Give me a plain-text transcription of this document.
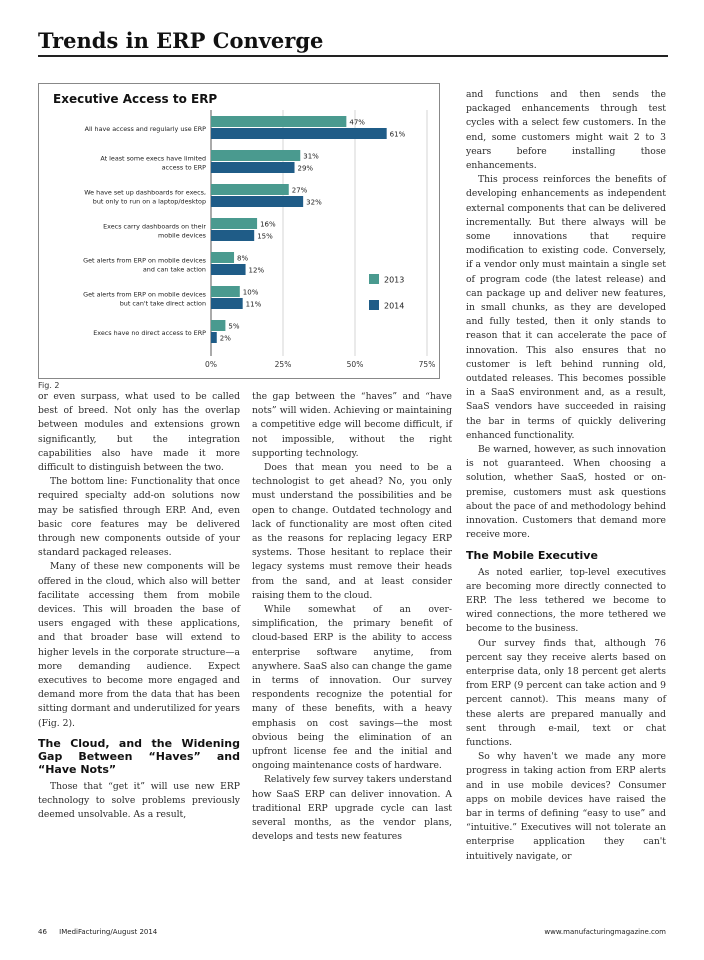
Trends in ERP Converge
Executive Access to ERP
0%	25%	50%	75%
All have access and regularly use ERP
47%
61%
At least some execs have limited
access to ERP
31%
29%
We have set up dashboards for execs,
but only to run on a laptop/desktop
27%
32%
Execs carry dashboards on their
mobile devices
16%
15%
Get alerts from ERP on mobile devices
and can take action
8%
12%
Get alerts from ERP on mobile devices
but can't take direct action
10%
11%
Execs have no direct access to ERP
5%
2%
2013
2014
Fig. 2

or even surpass, what used to be called best of breed. Not only has the overlap between modules and extensions grown significantly, but the integration capabilities also have made it more difficult to distinguish between the two.

The bottom line: Functionality that once required specialty add-on solutions now may be satisfied through ERP. And, even basic core features may be delivered through new components outside of your standard packaged releases.

Many of these new components will be offered in the cloud, which also will better facilitate accessing them from mobile devices. This will broaden the base of users engaged with these applications, and that broader base will extend to higher levels in the corporate structure—a more demanding audience. Expect executives to become more engaged and demand more from the data that has been sitting dormant and underutilized for years (Fig. 2).

The Cloud, and the Widening Gap Between “Haves” and “Have Nots”

Those that “get it” will use new ERP technology to solve problems previously deemed unsolvable. As a result,

the gap between the “haves” and “have nots” will widen. Achieving or maintaining a competitive edge will become difficult, if not impossible, without the right supporting technology.

Does that mean you need to be a technologist to get ahead? No, you only must understand the possibilities and be open to change. Outdated technology and lack of functionality are most often cited as the reasons for replacing legacy ERP systems. Those hesitant to replace their legacy systems must remove their heads from the sand, and at least consider raising them to the cloud.

While somewhat of an over-simplification, the primary benefit of cloud-based ERP is the ability to access enterprise software anytime, from anywhere. SaaS also can change the game in terms of innovation. Our survey respondents recognize the potential for many of these benefits, with a heavy emphasis on cost savings—the most obvious being the elimination of an upfront license fee and the initial and ongoing maintenance costs of hardware.

Relatively few survey takers understand how SaaS ERP can deliver innovation. A traditional ERP upgrade cycle can last several months, as the vendor plans, develops and tests new features

and functions and then sends the packaged enhancements through test cycles with a select few customers. In the end, some customers might wait 2 to 3 years before installing those enhancements.

This process reinforces the benefits of developing enhancements as independent external components that can be delivered incrementally. But there always will be some innovations that require modification to existing code. Conversely, if a vendor only must maintain a single set of program code (the latest release) and can package up and deliver new features, in small chunks, as they are developed and fully tested, then it only stands to reason that it can accelerate the pace of innovation. This also ensures that no customer is left behind running old, outdated releases. This becomes possible in a SaaS environment and, as a result, SaaS vendors have succeeded in raising the bar in terms of quickly delivering enhanced functionality.

Be warned, however, as such innovation is not guaranteed. When choosing a solution, whether SaaS, hosted or on-premise, customers must ask questions about the pace of and methodology behind innovation. Customers that demand more receive more.

The Mobile Executive

As noted earlier, top-level executives are becoming more directly connected to ERP. The less tethered we become to wired connections, the more tethered we become to the business.

Our survey finds that, although 76 percent say they receive alerts based on enterprise data, only 18 percent get alerts from ERP (9 percent can take action and 9 percent cannot). This means many of these alerts are prepared manually and sent through e-mail, text or chat functions.

So why haven't we made any more progress in taking action from ERP alerts and in use mobile devices? Consumer apps on mobile devices have raised the bar in terms of defining “easy to use” and “intuitive.” Executives will not tolerate an enterprise application they can't intuitively navigate, or

46 IMediFacturing/August 2014	www.manufacturingmagazine.com
